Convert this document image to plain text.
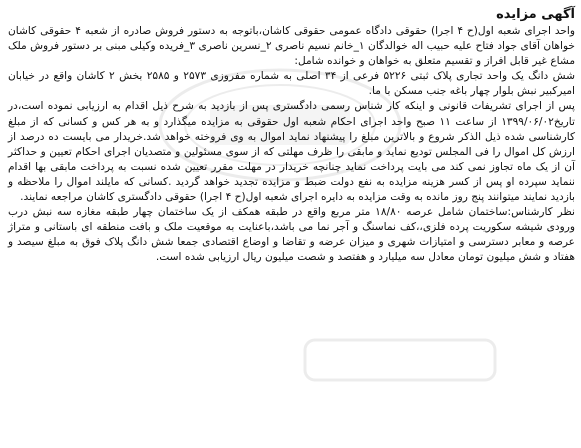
آگهی مزایده

واحد اجرای شعبه اول(ح ۴ اجرا) حقوقی دادگاه عمومی حقوقی کاشان،باتوجه به دستور فروش صادره از شعبه ۴ حقوقی کاشان خواهان آقای جواد فتاح علیه حبیب اله خوالدگان ۱_خانم نسیم ناصری ۲_نسرین ناصری ۳_فریده وکیلی مبنی بر دستور فروش ملک مشاع غیر قابل افراز و تقسیم متعلق به خواهان و خوانده شامل:

شش دانگ یک واحد تجاری پلاک ثبتی ۵۲۲۶ فرعی از ۳۴ اصلی به شماره مفروزی ۲۵۷۳ و ۲۵۸۵ بخش ۲ کاشان واقع در خیابان امیرکبیر نبش بلوار چهار باغه جنب مسکن با ما.

پس از اجرای تشریفات قانونی و اینکه کار شناس رسمی دادگستری پس از بازدید به شرح ذیل اقدام به ارزیابی نموده است،در تاریخ۱۳۹۹/۰۶/۰۲ از ساعت ۱۱ صبح واحد اجرای احکام شعبه اول حقوقی به مزایده میگذارد و به هر کس و کسانی که از مبلغ کارشناسی شده ذیل الذکر شروع و بالاترین مبلغ را پیشنهاد نماید اموال به وی فروخته خواهد شد.خریدار می بایست ده درصد از ارزش کل اموال را فی المجلس تودیع نماید و مابقی را ظرف مهلتی که از سوی مسئولین و متصدیان اجرای احکام تعیین و حداکثر آن از یک ماه تجاوز نمی کند می بایت پرداخت نماید چنانچه خریدار در مهلت مقرر تعیین شده نسبت به پرداخت مابقی بها اقدام ننماید سپرده او پس از کسر هزینه مزایده به نفع دولت ضبط و مزایده تجدید خواهد گردید .کسانی که مایلند اموال را ملاحظه و بازدید نمایند میتوانند پنج روز مانده به وقت مزایده به دایره اجرای شعبه اول(ح ۴ اجرا) حقوقی دادگستری کاشان مراجعه نمایند.

نظر کارشناس:ساختمان شامل عرصه ۱۸/۸۰ متر مربع واقع در طبقه همکف از یک ساختمان چهار طبقه مغازه سه نبش درب ورودی شیشه سکوریت پرده فلزی،،کف نماسنگ و آجر نما می باشد،باعنایت به موقعیت ملک و بافت منطقه ای باستانی و متراژ عرصه و معابر دسترسی و امتیازات شهری و میزان عرضه و تقاضا و اوضاع اقتصادی جمعا شش دانگ پلاک فوق به مبلغ سیصد و هفتاد و شش میلیون تومان معادل سه میلیارد و هفتصد و شصت میلیون ریال ارزیابی شده است.
